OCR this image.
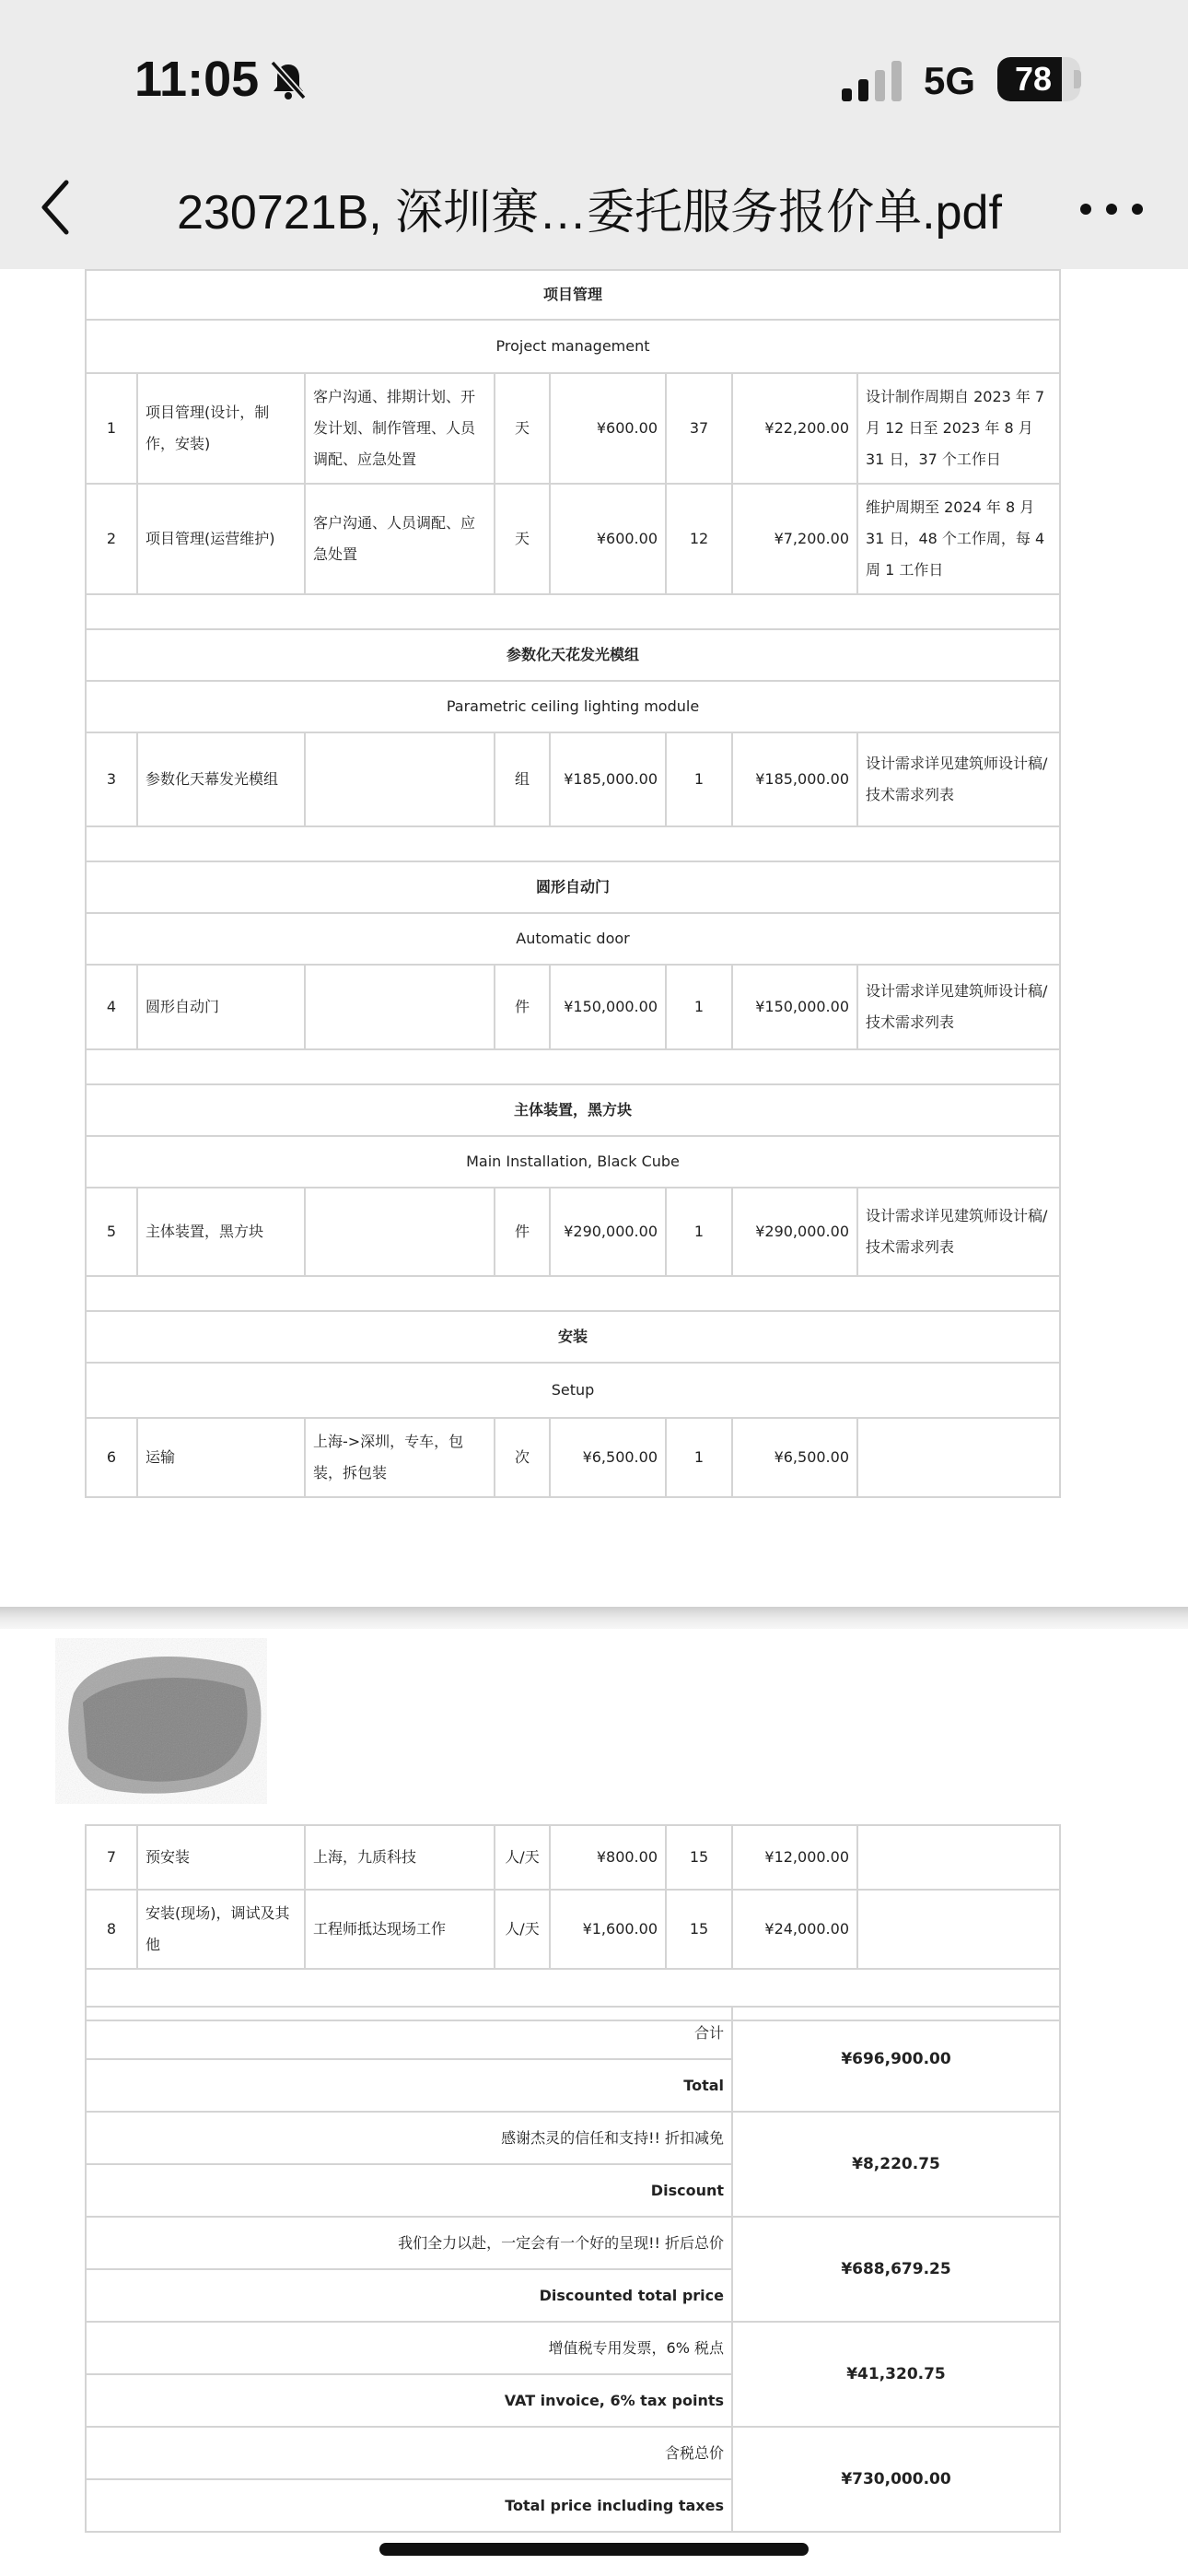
11:05	5G	78
230721B, 深圳赛…委托服务报价单.pdf
项目管理							
Project management							
1	项目管理(设计，制作，安装)	客户沟通、排期计划、开发计划、制作管理、人员调配、应急处置	天	¥600.00	37	¥22,200.00	设计制作周期自 2023 年 7 月 12 日至 2023 年 8 月 31 日，37 个工作日
2	项目管理(运营维护)	客户沟通、人员调配、应急处置	天	¥600.00	12	¥7,200.00	维护周期至 2024 年 8 月 31 日，48 个工作周，每 4 周 1 工作日

参数化天花发光模组							
Parametric ceiling lighting module							
3	参数化天幕发光模组		组	¥185,000.00	1	¥185,000.00	设计需求详见建筑师设计稿/技术需求列表

圆形自动门							
Automatic door							
4	圆形自动门		件	¥150,000.00	1	¥150,000.00	设计需求详见建筑师设计稿/技术需求列表

主体装置，黑方块							
Main Installation, Black Cube							
5	主体装置，黑方块		件	¥290,000.00	1	¥290,000.00	设计需求详见建筑师设计稿/技术需求列表

安装							
Setup							
6	运输	上海->深圳，专车，包装，拆包装	次	¥6,500.00	1	¥6,500.00	
7	预安装	上海，九质科技	人/天	¥800.00	15	¥12,000.00	
8	安装(现场)，调试及其他	工程师抵达现场工作	人/天	¥1,600.00	15	¥24,000.00	

合计	¥696,900.00
Total	
感谢杰灵的信任和支持!! 折扣减免	¥8,220.75
Discount	
我们全力以赴，一定会有一个好的呈现!! 折后总价	¥688,679.25
Discounted total price	
增值税专用发票，6% 税点	¥41,320.75
VAT invoice, 6% tax points	
含税总价	¥730,000.00
Total price including taxes	
